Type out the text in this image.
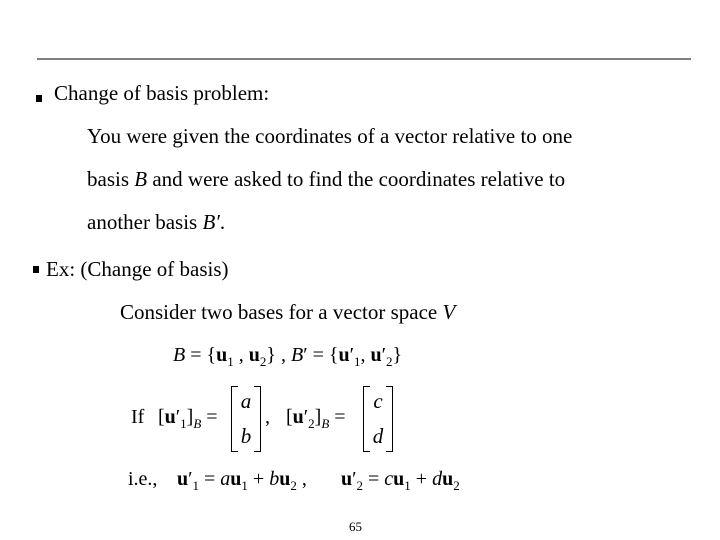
Change of basis problem:
You were given the coordinates of a vector relative to one
basis B and were asked to find the coordinates relative to
another basis B′.
Ex: (Change of basis)
Consider two bases for a vector space V
$B = \{u_1$ , $u_2$} , $B' = \{u'_1$, $u'_2$}
If $[u'_1]_B$ =
a
b
, $[u'_2]_B$ =
c
d
i.e., $u'_1 = au_1 + bu_2$ , $u'_2 = cu_1 + du_2$
65
